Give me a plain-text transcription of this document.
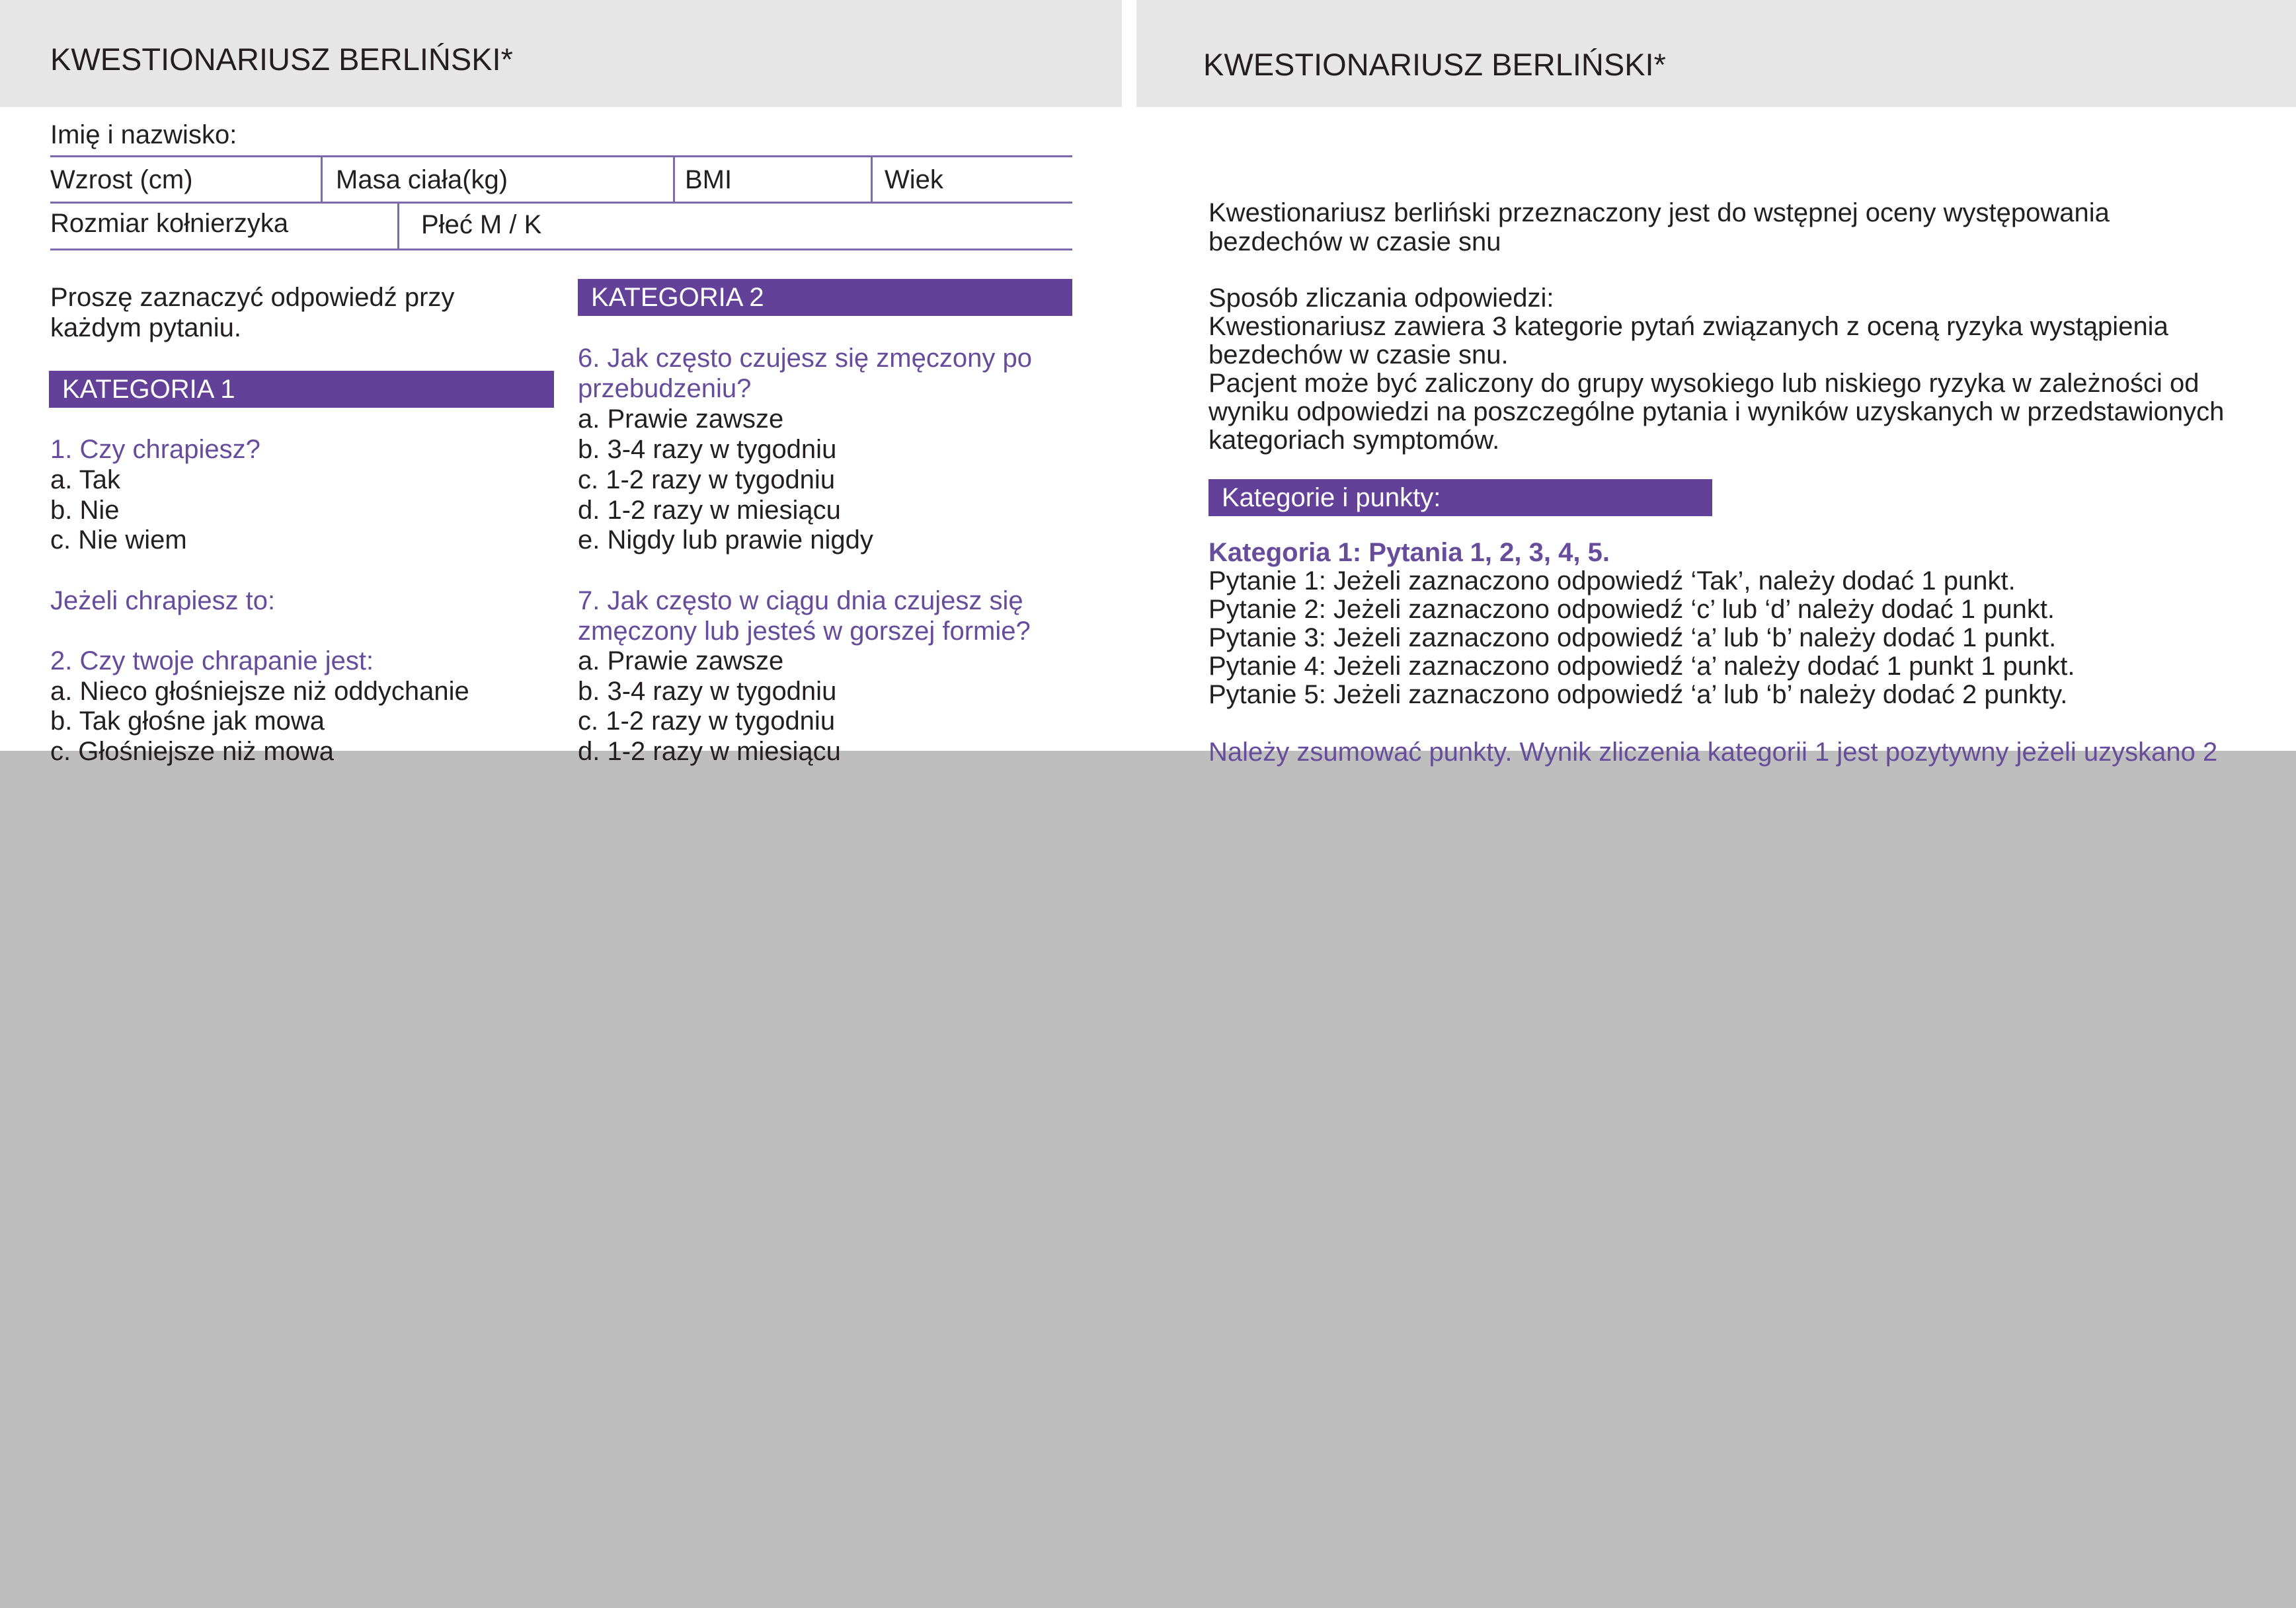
KWESTIONARIUSZ BERLIŃSKI*
Imię i nazwisko:
Wzrost (cm)	Masa ciała(kg)	BMI	Wiek
Rozmiar kołnierzyka	Płeć M / K
Proszę zaznaczyć odpowiedź przy
każdym pytaniu.
KATEGORIA 1
1. Czy chrapiesz?
a. Tak
b. Nie
c. Nie wiem
Jeżeli chrapiesz to:
2. Czy twoje chrapanie jest:
a. Nieco głośniejsze niż oddychanie
b. Tak głośne jak mowa
c. Głośniejsze niż mowa
KATEGORIA 2
6. Jak często czujesz się zmęczony po
przebudzeniu?
a. Prawie zawsze
b. 3-4 razy w tygodniu
c. 1-2 razy w tygodniu
d. 1-2 razy w miesiącu
e. Nigdy lub prawie nigdy
7. Jak często w ciągu dnia czujesz się
zmęczony lub jesteś w gorszej formie?
a. Prawie zawsze
b. 3-4 razy w tygodniu
c. 1-2 razy w tygodniu
d. 1-2 razy w miesiącu
KWESTIONARIUSZ BERLIŃSKI*
Kwestionariusz berliński przeznaczony jest do wstępnej oceny występowania
bezdechów w czasie snu
Sposób zliczania odpowiedzi:
Kwestionariusz zawiera 3 kategorie pytań związanych z oceną ryzyka wystąpienia
bezdechów w czasie snu.
Pacjent może być zaliczony do grupy wysokiego lub niskiego ryzyka w zależności od
wyniku odpowiedzi na poszczególne pytania i wyników uzyskanych w przedstawionych
kategoriach symptomów.
Kategorie i punkty:
Kategoria 1: Pytania 1, 2, 3, 4, 5.
Pytanie 1: Jeżeli zaznaczono odpowiedź ‘Tak’, należy dodać 1 punkt.
Pytanie 2: Jeżeli zaznaczono odpowiedź ‘c’ lub ‘d’ należy dodać 1 punkt.
Pytanie 3: Jeżeli zaznaczono odpowiedź ‘a’ lub ‘b’ należy dodać 1 punkt.
Pytanie 4: Jeżeli zaznaczono odpowiedź ‘a’ należy dodać 1 punkt 1 punkt.
Pytanie 5: Jeżeli zaznaczono odpowiedź ‘a’ lub ‘b’ należy dodać 2 punkty.
Należy zsumować punkty. Wynik zliczenia kategorii 1 jest pozytywny jeżeli uzyskano 2
